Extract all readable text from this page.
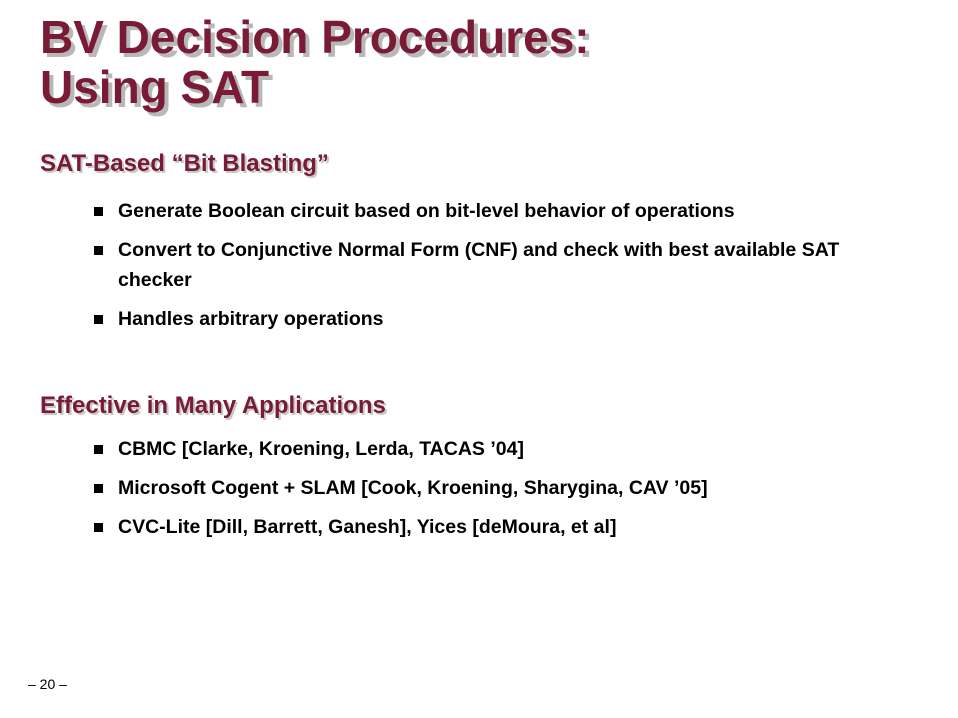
BV Decision Procedures:
Using SAT
SAT-Based “Bit Blasting”
Generate Boolean circuit based on bit-level behavior of operations
Convert to Conjunctive Normal Form (CNF) and check with best available SAT checker
Handles arbitrary operations
Effective in Many Applications
CBMC [Clarke, Kroening, Lerda, TACAS ’04]
Microsoft Cogent + SLAM [Cook, Kroening, Sharygina, CAV ’05]
CVC-Lite [Dill, Barrett, Ganesh], Yices [deMoura, et al]
– 20 –
